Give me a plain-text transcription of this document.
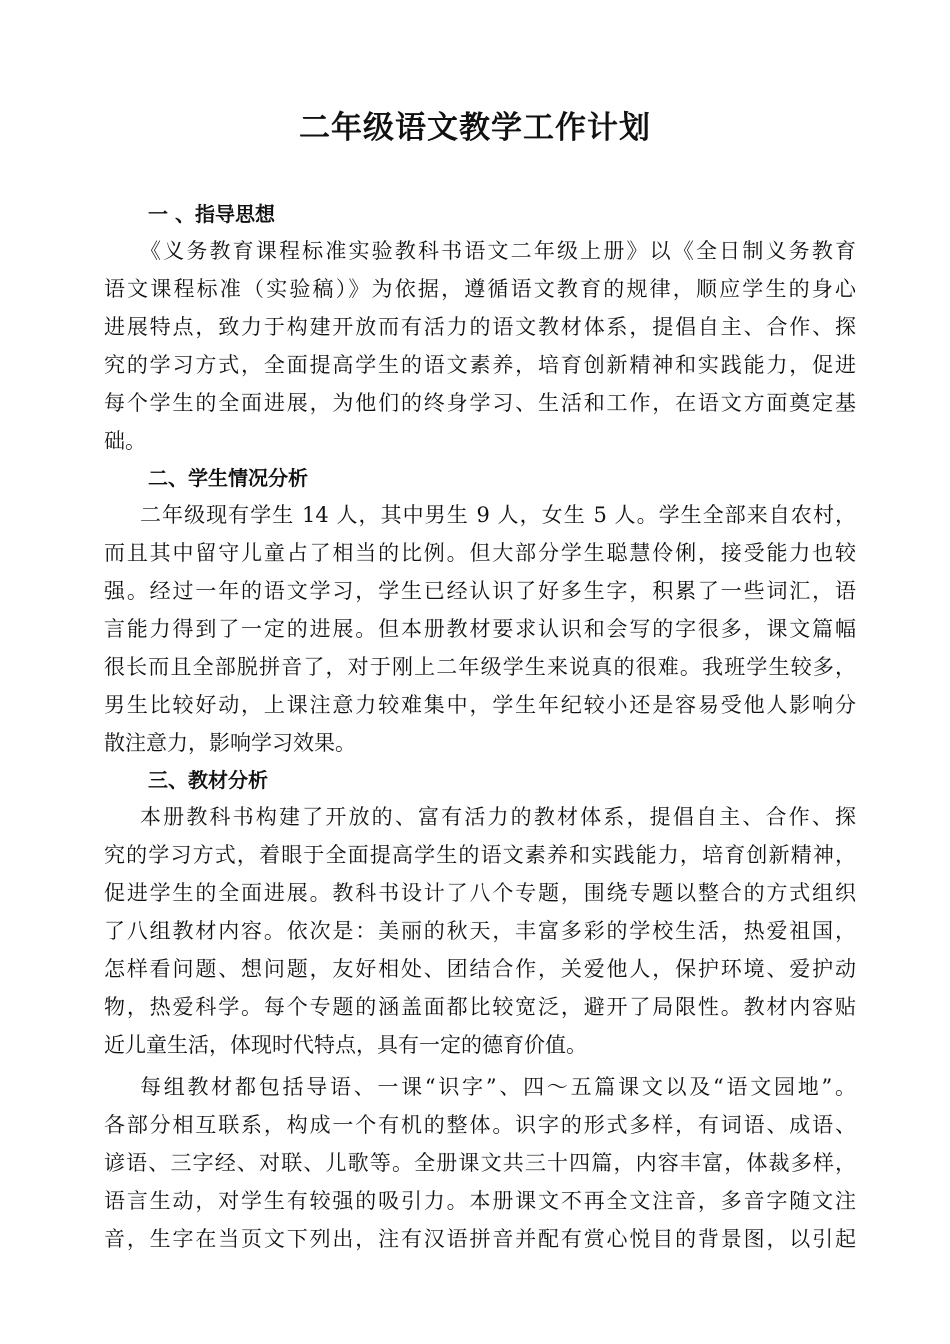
二年级语文教学工作计划
一 、指导思想

《义务教育课程标准实验教科书语文二年级上册》以《全日制义务教育
语文课程标准（实验稿）》为依据，遵循语文教育的规律，顺应学生的身心
进展特点，致力于构建开放而有活力的语文教材体系，提倡自主、合作、探
究的学习方式，全面提高学生的语文素养，培育创新精神和实践能力，促进
每个学生的全面进展，为他们的终身学习、生活和工作，在语文方面奠定基
础。

二、学生情况分析

二年级现有学生 14 人，其中男生 9 人，女生 5 人。学生全部来自农村，
而且其中留守儿童占了相当的比例。但大部分学生聪慧伶俐，接受能力也较
强。经过一年的语文学习，学生已经认识了好多生字，积累了一些词汇，语
言能力得到了一定的进展。但本册教材要求认识和会写的字很多，课文篇幅
很长而且全部脱拼音了，对于刚上二年级学生来说真的很难。我班学生较多，
男生比较好动，上课注意力较难集中，学生年纪较小还是容易受他人影响分
散注意力，影响学习效果。

三、教材分析

本册教科书构建了开放的、富有活力的教材体系，提倡自主、合作、探
究的学习方式，着眼于全面提高学生的语文素养和实践能力，培育创新精神，
促进学生的全面进展。教科书设计了八个专题，围绕专题以整合的方式组织
了八组教材内容。依次是：美丽的秋天，丰富多彩的学校生活，热爱祖国，
怎样看问题、想问题，友好相处、团结合作，关爱他人，保护环境、爱护动
物，热爱科学。每个专题的涵盖面都比较宽泛，避开了局限性。教材内容贴
近儿童生活，体现时代特点，具有一定的德育价值。

每组教材都包括导语、一课“识字”、四～五篇课文以及“语文园地”。
各部分相互联系，构成一个有机的整体。识字的形式多样，有词语、成语、
谚语、三字经、对联、儿歌等。全册课文共三十四篇，内容丰富，体裁多样，
语言生动，对学生有较强的吸引力。本册课文不再全文注音，多音字随文注
音，生字在当页文下列出，注有汉语拼音并配有赏心悦目的背景图，以引起
